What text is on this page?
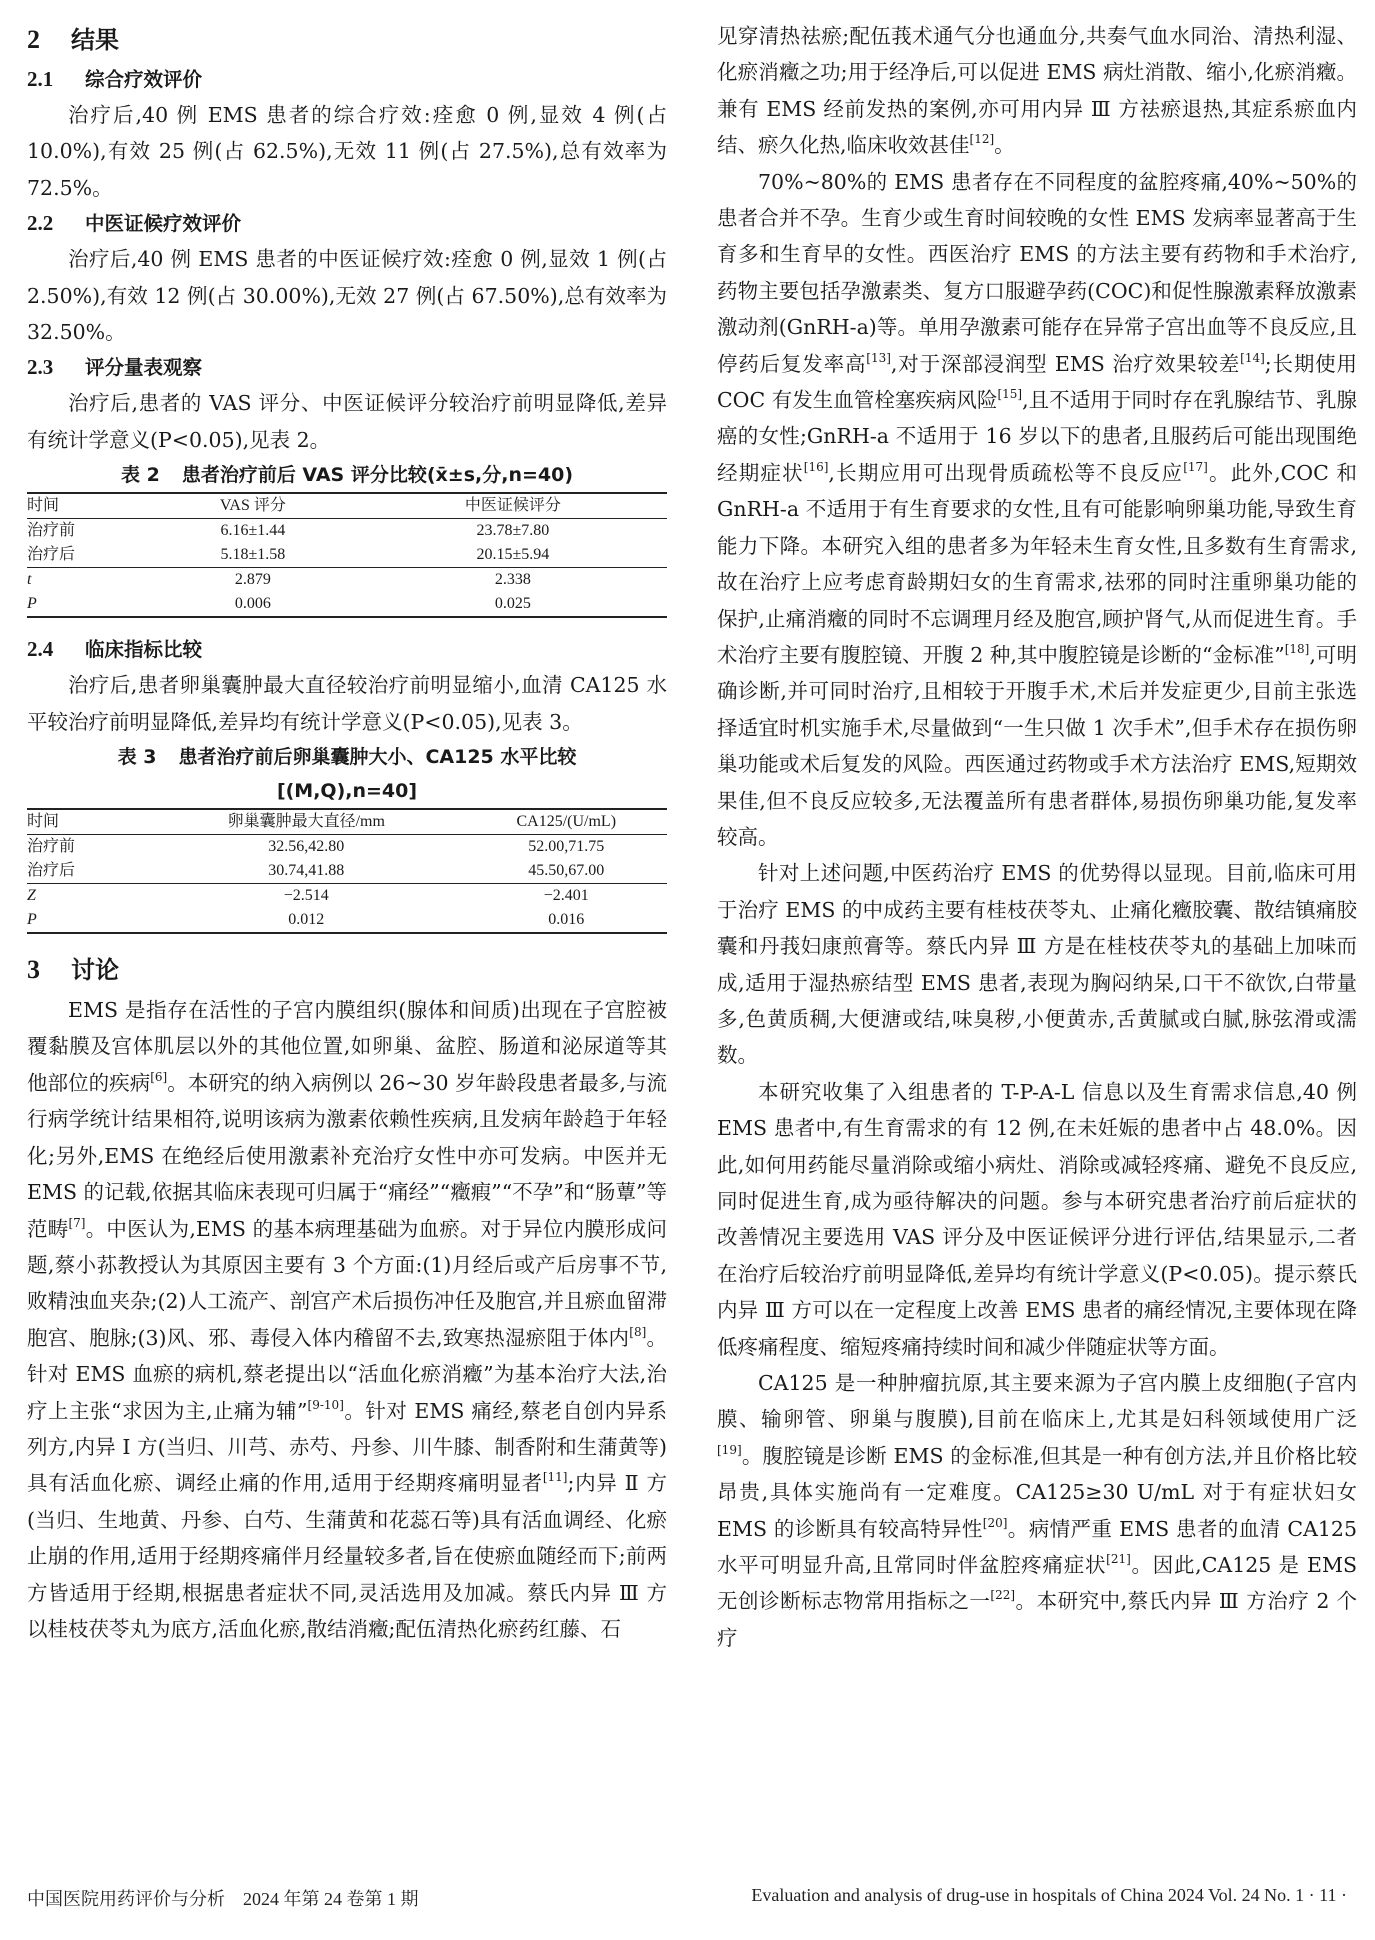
2 结果
2.1 综合疗效评价

治疗后,40 例 EMS 患者的综合疗效:痊愈 0 例,显效 4 例(占 10.0%),有效 25 例(占 62.5%),无效 11 例(占 27.5%),总有效率为 72.5%。

2.2 中医证候疗效评价

治疗后,40 例 EMS 患者的中医证候疗效:痊愈 0 例,显效 1 例(占 2.50%),有效 12 例(占 30.00%),无效 27 例(占 67.50%),总有效率为 32.50%。

2.3 评分量表观察

治疗后,患者的 VAS 评分、中医证候评分较治疗前明显降低,差异有统计学意义(P<0.05),见表 2。

表 2 患者治疗前后 VAS 评分比较(x̄±s,分,n=40)
时间	VAS 评分	中医证候评分
治疗前	6.16±1.44	23.78±7.80
治疗后	5.18±1.58	20.15±5.94
t	2.879	2.338
P	0.006	0.025
2.4 临床指标比较

治疗后,患者卵巢囊肿最大直径较治疗前明显缩小,血清 CA125 水平较治疗前明显降低,差异均有统计学意义(P<0.05),见表 3。

表 3 患者治疗前后卵巢囊肿大小、CA125 水平比较
[(M,Q),n=40]
时间	卵巢囊肿最大直径/mm	CA125/(U/mL)
治疗前	32.56,42.80	52.00,71.75
治疗后	30.74,41.88	45.50,67.00
Z	−2.514	−2.401
P	0.012	0.016
3 讨论

EMS 是指存在活性的子宫内膜组织(腺体和间质)出现在子宫腔被覆黏膜及宫体肌层以外的其他位置,如卵巢、盆腔、肠道和泌尿道等其他部位的疾病[6]。本研究的纳入病例以 26~30 岁年龄段患者最多,与流行病学统计结果相符,说明该病为激素依赖性疾病,且发病年龄趋于年轻化;另外,EMS 在绝经后使用激素补充治疗女性中亦可发病。中医并无 EMS 的记载,依据其临床表现可归属于“痛经”“癥瘕”“不孕”和“肠蕈”等范畴[7]。中医认为,EMS 的基本病理基础为血瘀。对于异位内膜形成问题,蔡小荪教授认为其原因主要有 3 个方面:(1)月经后或产后房事不节,败精浊血夹杂;(2)人工流产、剖宫产术后损伤冲任及胞宫,并且瘀血留滞胞宫、胞脉;(3)风、邪、毒侵入体内稽留不去,致寒热湿瘀阻于体内[8]。针对 EMS 血瘀的病机,蔡老提出以“活血化瘀消癥”为基本治疗大法,治疗上主张“求因为主,止痛为辅”[9-10]。针对 EMS 痛经,蔡老自创内异系列方,内异 Ⅰ 方(当归、川芎、赤芍、丹参、川牛膝、制香附和生蒲黄等)具有活血化瘀、调经止痛的作用,适用于经期疼痛明显者[11];内异 Ⅱ 方(当归、生地黄、丹参、白芍、生蒲黄和花蕊石等)具有活血调经、化瘀止崩的作用,适用于经期疼痛伴月经量较多者,旨在使瘀血随经而下;前两方皆适用于经期,根据患者症状不同,灵活选用及加减。蔡氏内异 Ⅲ 方以桂枝茯苓丸为底方,活血化瘀,散结消癥;配伍清热化瘀药红藤、石

见穿清热祛瘀;配伍莪术通气分也通血分,共奏气血水同治、清热利湿、化瘀消癥之功;用于经净后,可以促进 EMS 病灶消散、缩小,化瘀消癥。兼有 EMS 经前发热的案例,亦可用内异 Ⅲ 方祛瘀退热,其症系瘀血内结、瘀久化热,临床收效甚佳[12]。

70%~80%的 EMS 患者存在不同程度的盆腔疼痛,40%~50%的患者合并不孕。生育少或生育时间较晚的女性 EMS 发病率显著高于生育多和生育早的女性。西医治疗 EMS 的方法主要有药物和手术治疗,药物主要包括孕激素类、复方口服避孕药(COC)和促性腺激素释放激素激动剂(GnRH-a)等。单用孕激素可能存在异常子宫出血等不良反应,且停药后复发率高[13],对于深部浸润型 EMS 治疗效果较差[14];长期使用 COC 有发生血管栓塞疾病风险[15],且不适用于同时存在乳腺结节、乳腺癌的女性;GnRH-a 不适用于 16 岁以下的患者,且服药后可能出现围绝经期症状[16],长期应用可出现骨质疏松等不良反应[17]。此外,COC 和 GnRH-a 不适用于有生育要求的女性,且有可能影响卵巢功能,导致生育能力下降。本研究入组的患者多为年轻未生育女性,且多数有生育需求,故在治疗上应考虑育龄期妇女的生育需求,祛邪的同时注重卵巢功能的保护,止痛消癥的同时不忘调理月经及胞宫,顾护肾气,从而促进生育。手术治疗主要有腹腔镜、开腹 2 种,其中腹腔镜是诊断的“金标准”[18],可明确诊断,并可同时治疗,且相较于开腹手术,术后并发症更少,目前主张选择适宜时机实施手术,尽量做到“一生只做 1 次手术”,但手术存在损伤卵巢功能或术后复发的风险。西医通过药物或手术方法治疗 EMS,短期效果佳,但不良反应较多,无法覆盖所有患者群体,易损伤卵巢功能,复发率较高。

针对上述问题,中医药治疗 EMS 的优势得以显现。目前,临床可用于治疗 EMS 的中成药主要有桂枝茯苓丸、止痛化癥胶囊、散结镇痛胶囊和丹莪妇康煎膏等。蔡氏内异 Ⅲ 方是在桂枝茯苓丸的基础上加味而成,适用于湿热瘀结型 EMS 患者,表现为胸闷纳呆,口干不欲饮,白带量多,色黄质稠,大便溏或结,味臭秽,小便黄赤,舌黄腻或白腻,脉弦滑或濡数。

本研究收集了入组患者的 T-P-A-L 信息以及生育需求信息,40 例 EMS 患者中,有生育需求的有 12 例,在未妊娠的患者中占 48.0%。因此,如何用药能尽量消除或缩小病灶、消除或减轻疼痛、避免不良反应,同时促进生育,成为亟待解决的问题。参与本研究患者治疗前后症状的改善情况主要选用 VAS 评分及中医证候评分进行评估,结果显示,二者在治疗后较治疗前明显降低,差异均有统计学意义(P<0.05)。提示蔡氏内异 Ⅲ 方可以在一定程度上改善 EMS 患者的痛经情况,主要体现在降低疼痛程度、缩短疼痛持续时间和减少伴随症状等方面。

CA125 是一种肿瘤抗原,其主要来源为子宫内膜上皮细胞(子宫内膜、输卵管、卵巢与腹膜),目前在临床上,尤其是妇科领域使用广泛[19]。腹腔镜是诊断 EMS 的金标准,但其是一种有创方法,并且价格比较昂贵,具体实施尚有一定难度。CA125≥30 U/mL 对于有症状妇女 EMS 的诊断具有较高特异性[20]。病情严重 EMS 患者的血清 CA125 水平可明显升高,且常同时伴盆腔疼痛症状[21]。因此,CA125 是 EMS 无创诊断标志物常用指标之一[22]。本研究中,蔡氏内异 Ⅲ 方治疗 2 个疗

中国医院用药评价与分析　2024 年第 24 卷第 1 期	Evaluation and analysis of drug-use in hospitals of China 2024 Vol. 24 No. 1 · 11 ·
